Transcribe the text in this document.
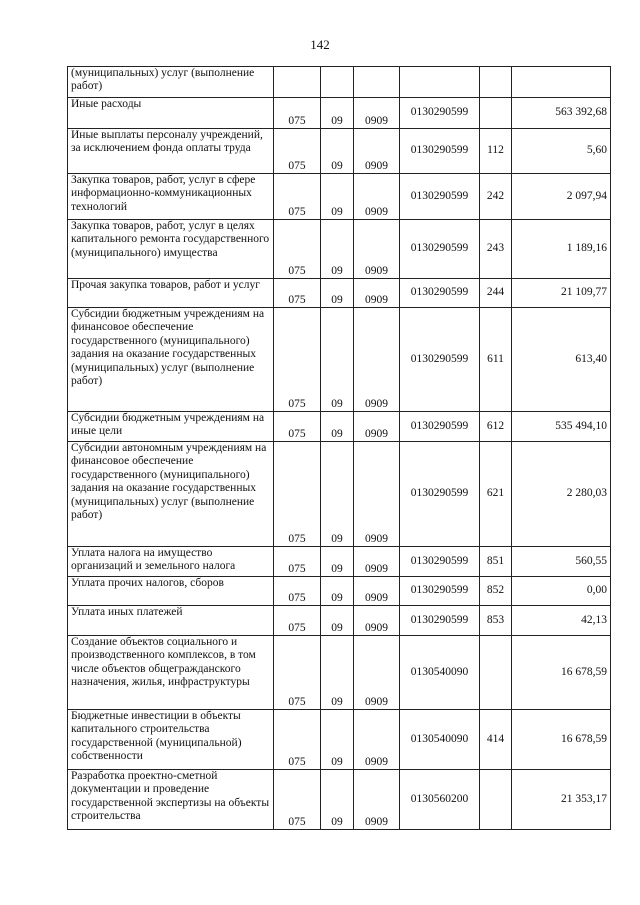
142
(муниципальных) услуг (выполнение работ)						
Иные расходы	075	09	0909	0130290599		563 392,68
Иные выплаты персоналу учреждений, за исключением фонда оплаты труда	075	09	0909	0130290599	112	5,60
Закупка товаров, работ, услуг в сфере информационно-коммуникационных технологий	075	09	0909	0130290599	242	2 097,94
Закупка товаров, работ, услуг в целях капитального ремонта государственного (муниципального) имущества	075	09	0909	0130290599	243	1 189,16
Прочая закупка товаров, работ и услуг	075	09	0909	0130290599	244	21 109,77
Субсидии бюджетным учреждениям на финансовое обеспечение государственного (муниципального) задания на оказание государственных (муниципальных) услуг (выполнение работ)	075	09	0909	0130290599	611	613,40
Субсидии бюджетным учреждениям на иные цели	075	09	0909	0130290599	612	535 494,10
Субсидии автономным учреждениям на финансовое обеспечение государственного (муниципального) задания на оказание государственных (муниципальных) услуг (выполнение работ)	075	09	0909	0130290599	621	2 280,03
Уплата налога на имущество организаций и земельного налога	075	09	0909	0130290599	851	560,55
Уплата прочих налогов, сборов	075	09	0909	0130290599	852	0,00
Уплата иных платежей	075	09	0909	0130290599	853	42,13
Создание объектов социального и производственного комплексов, в том числе объектов общегражданского назначения, жилья, инфраструктуры	075	09	0909	0130540090		16 678,59
Бюджетные инвестиции в объекты капитального строительства государственной (муниципальной) собственности	075	09	0909	0130540090	414	16 678,59
Разработка проектно-сметной документации и проведение государственной экспертизы на объекты строительства	075	09	0909	0130560200		21 353,17
